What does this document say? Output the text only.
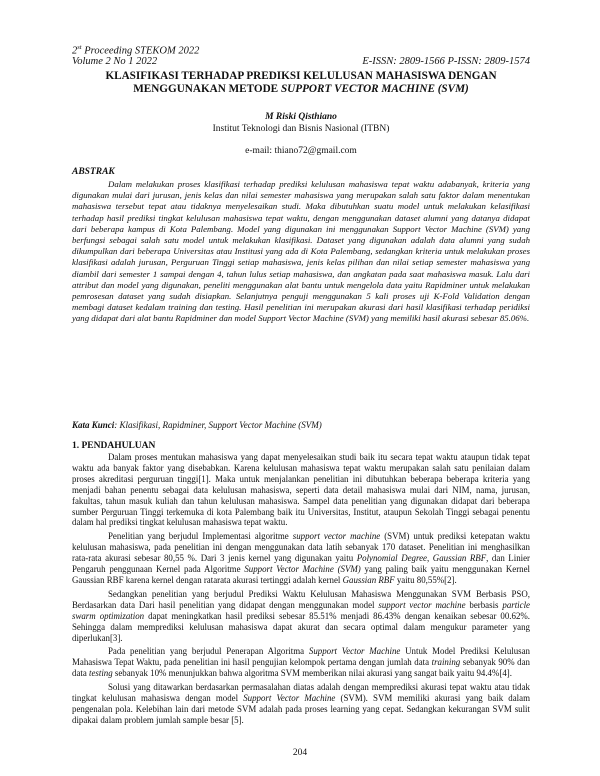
2st Proceeding STEKOM 2022
Volume 2 No 1 2022	E-ISSN: 2809-1566 P-ISSN: 2809-1574
KLASIFIKASI TERHADAP PREDIKSI KELULUSAN MAHASISWA DENGAN
MENGGUNAKAN METODE SUPPORT VECTOR MACHINE (SVM)
M Riski Qisthiano
Institut Teknologi dan Bisnis Nasional (ITBN)
e-mail: thiano72@gmail.com
ABSTRAK

Dalam melakukan proses klasifikasi terhadap prediksi kelulusan mahasiswa tepat waktu adabanyak, kriteria yang digunakan mulai dari jurusan, jenis kelas dan nilai semester mahasiswa yang merupakan salah satu faktor dalam menentukan mahasiswa tersebut tepat atau tidaknya menyelesaikan studi. Maka dibutuhkan suatu model untuk melakukan kelasifikasi terhadap hasil prediksi tingkat kelulusan mahasiswa tepat waktu, dengan menggunakan dataset alumni yang datanya didapat dari beberapa kampus di Kota Palembang. Model yang digunakan ini menggunakan Support Vector Machine (SVM) yang berfungsi sebagai salah satu model untuk melakukan klasifikasi. Dataset yang digunakan adalah data alumni yang sudah dikumpulkan dari beberapa Universitas atau Institusi yang ada di Kota Palembang, sedangkan kriteria untuk melakukan proses klasifikasi adalah jurusan, Perguruan Tinggi setiap mahasiswa, jenis kelas pilihan dan nilai setiap semester mahasiswa yang diambil dari semester 1 sampai dengan 4, tahun lulus setiap mahasiswa, dan angkatan pada saat mahasiswa masuk. Lalu dari attribut dan model yang digunakan, peneliti menggunakan alat bantu untuk mengelola data yaitu Rapidminer untuk melakukan pemrosesan dataset yang sudah disiapkan. Selanjutnya penguji menggunakan 5 kali proses uji K-Fold Validation dengan membagi dataset kedalam training dan testing. Hasil penelitian ini merupakan akurasi dari hasil klasifikasi terhadap peridiksi yang didapat dari alat bantu Rapidminer dan model Support Vector Machine (SVM) yang memiliki hasil akurasi sebesar 85.06%.

Kata Kunci: Klasifikasi, Rapidminer, Support Vector Machine (SVM)
1. PENDAHULUAN

Dalam proses mentukan mahasiswa yang dapat menyelesaikan studi baik itu secara tepat waktu ataupun tidak tepat waktu ada banyak faktor yang disebabkan. Karena kelulusan mahasiswa tepat waktu merupakan salah satu penilaian dalam proses akreditasi perguruan tinggi[1]. Maka untuk menjalankan penelitian ini dibutuhkan beberapa beberapa kriteria yang menjadi bahan penentu sebagai data kelulusan mahasiswa, seperti data detail mahasiswa mulai dari NIM, nama, jurusan, fakultas, tahun masuk kuliah dan tahun kelulusan mahasiswa. Sampel data penelitian yang digunakan didapat dari beberapa sumber Perguruan Tinggi terkemuka di kota Palembang baik itu Universitas, Institut, ataupun Sekolah Tinggi sebagai penentu dalam hal prediksi tingkat kelulusan mahasiswa tepat waktu.

Penelitian yang berjudul Implementasi algoritme support vector machine (SVM) untuk prediksi ketepatan waktu kelulusan mahasiswa, pada penelitian ini dengan menggunakan data latih sebanyak 170 dataset. Penelitian ini menghasilkan rata-rata akurasi sebesar 80,55 %. Dari 3 jenis kernel yang digunakan yaitu Polynomial Degree, Gaussian RBF, dan Linier Pengaruh penggunaan Kernel pada Algoritme Support Vector Machine (SVM) yang paling baik yaitu menggunakan Kernel Gaussian RBF karena kernel dengan ratarata akurasi tertinggi adalah kernel Gaussian RBF yaitu 80,55%[2].

Sedangkan penelitian yang berjudul Prediksi Waktu Kelulusan Mahasiswa Menggunakan SVM Berbasis PSO, Berdasarkan data Dari hasil penelitian yang didapat dengan menggunakan model support vector machine berbasis particle swarm optimization dapat meningkatkan hasil prediksi sebesar 85.51% menjadi 86.43% dengan kenaikan sebesar 00.62%. Sehingga dalam memprediksi kelulusan mahasiswa dapat akurat dan secara optimal dalam mengukur parameter yang diperlukan[3].

Pada penelitian yang berjudul Penerapan Algoritma Support Vector Machine Untuk Model Prediksi Kelulusan Mahasiswa Tepat Waktu, pada penelitian ini hasil pengujian kelompok pertama dengan jumlah data training sebanyak 90% dan data testing sebanyak 10% menunjukkan bahwa algoritma SVM memberikan nilai akurasi yang sangat baik yaitu 94.4%[4].

Solusi yang ditawarkan berdasarkan permasalahan diatas adalah dengan memprediksi akurasi tepat waktu atau tidak tingkat kelulusan mahasiswa dengan model Support Vector Machine (SVM). SVM memiliki akurasi yang baik dalam pengenalan pola. Kelebihan lain dari metode SVM adalah pada proses learning yang cepat. Sedangkan kekurangan SVM sulit dipakai dalam problem jumlah sample besar [5].

204
